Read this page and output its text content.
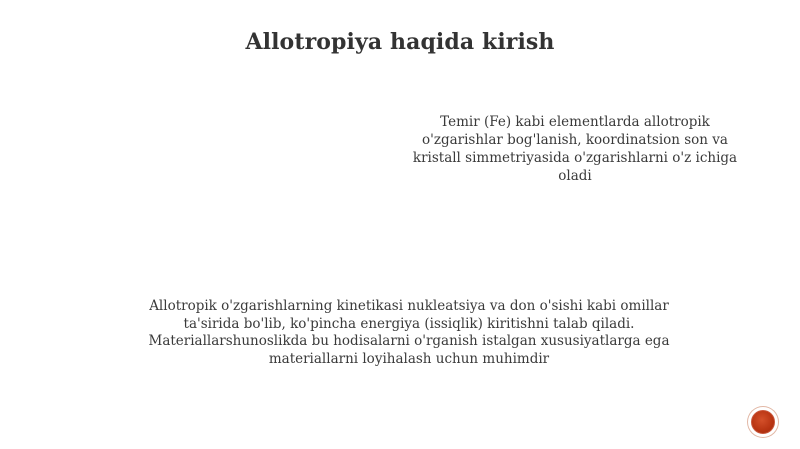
Allotropiya haqida kirish
Temir (Fe) kabi elementlarda allotropik o'zgarishlar bog'lanish, koordinatsion son va kristall simmetriyasida o'zgarishlarni o'z ichiga oladi
Allotropik o'zgarishlarning kinetikasi nukleatsiya va don o'sishi kabi omillar ta'sirida bo'lib, ko'pincha energiya (issiqlik) kiritishni talab qiladi. Materiallarshunoslikda bu hodisalarni o'rganish istalgan xususiyatlarga ega materiallarni loyihalash uchun muhimdir
